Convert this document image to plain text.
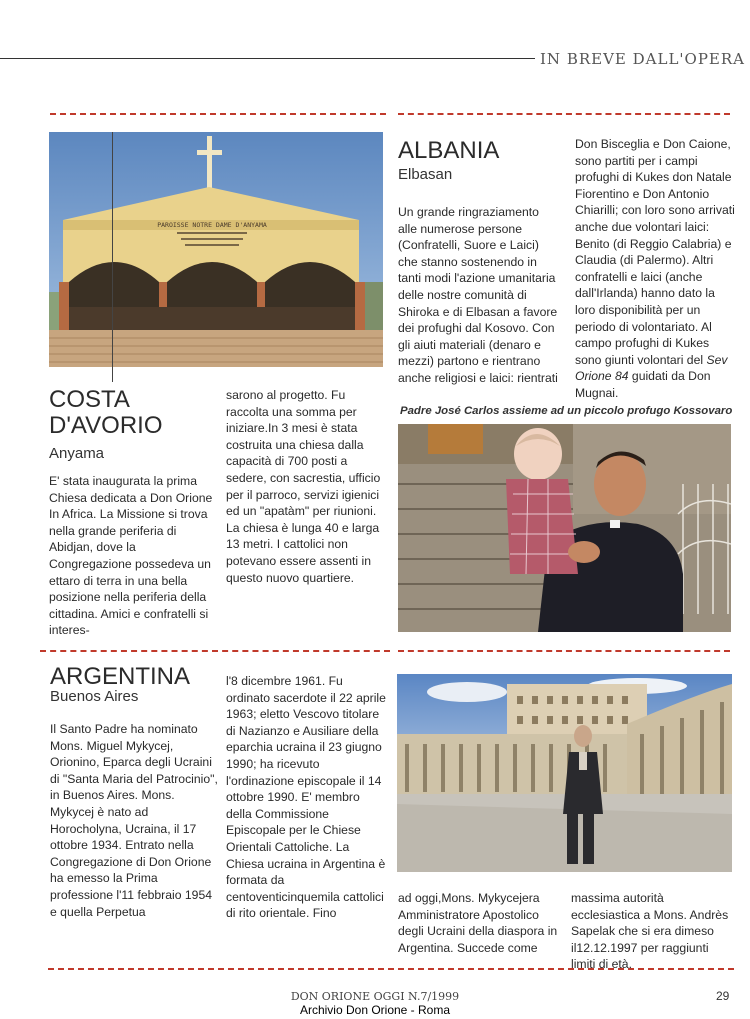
IN BREVE DALL'OPERA
PAROISSE NOTRE DAME D'ANYAMA

COSTA

D'AVORIO

Anyama

E' stata inaugurata la prima Chiesa dedicata a Don Orione In Africa. La Missione si trova nella grande periferia di Abidjan, dove la Congregazione possedeva un ettaro di terra in una bella posizione nella periferia della cittadina. Amici e confratelli si interes-

sarono al progetto. Fu raccolta una somma per iniziare.In 3 mesi è stata costruita una chiesa dalla capacità di 700 posti a sedere, con sacrestia, ufficio per il parroco, servizi igienici ed un "apatàm" per riunioni. La chiesa è lunga 40 e larga 13 metri. I cattolici non potevano essere assenti in questo nuovo quartiere.

ALBANIA

Elbasan

Un grande ringraziamento alle numerose persone (Confratelli, Suore e Laici) che stanno sostenendo in tanti modi l'azione umanitaria delle nostre comunità di Shiroka e di Elbasan a favore dei profughi dal Kosovo. Con gli aiuti materiali (denaro e mezzi) partono e rientrano anche religiosi e laici: rientrati

Don Bisceglia e Don Caione, sono partiti per i campi profughi di Kukes don Natale Fiorentino e Don Antonio Chiarilli; con loro sono arrivati anche due volontari laici: Benito (di Reggio Calabria) e Claudia (di Palermo). Altri confratelli e laici (anche dall'Irlanda) hanno dato la loro disponibilità per un periodo di volontariato. Al campo profughi di Kukes sono giunti volontari del Sev Orione 84 guidati da Don Mugnai.

Padre José Carlos assieme ad un piccolo profugo Kossovaro

ARGENTINA

Buenos Aires

Il Santo Padre ha nominato Mons. Miguel Mykycej, Orionino, Eparca degli Ucraini di "Santa Maria del Patrocinio", in Buenos Aires. Mons. Mykycej è nato ad Horocholyna, Ucraina, il 17 ottobre 1934. Entrato nella Congregazione di Don Orione ha emesso la Prima professione l'11 febbraio 1954 e quella Perpetua

l'8 dicembre 1961. Fu ordinato sacerdote il 22 aprile 1963; eletto Vescovo titolare di Nazianzo e Ausiliare della eparchia ucraina il 23 giugno 1990; ha ricevuto l'ordinazione episcopale il 14 ottobre 1990. E' membro della Commissione Episcopale per le Chiese Orientali Cattoliche. La Chiesa ucraina in Argentina è formata da centoventicinquemila cattolici di rito orientale. Fino

ad oggi,Mons. Mykycejera Amministratore Apostolico degli Ucraini della diaspora in Argentina. Succede come

massima autorità ecclesiastica a Mons. Andrès Sapelak che si era dimeso il12.12.1997 per raggiunti limiti di età.

DON ORIONE OGGI N.7/1999	29
Archivio Don Orione - Roma
